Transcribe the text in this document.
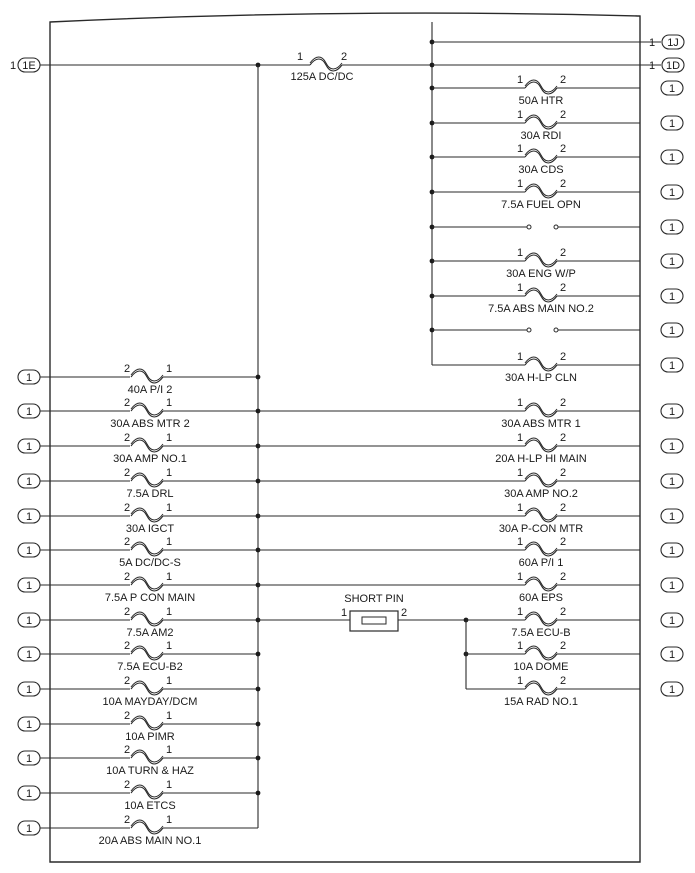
1 1E
1	2
125A DC/DC
1
2	1
40A P/I 2
1
2	1
30A ABS MTR 2
1
2	1
30A AMP NO.1
1
2	1
7.5A DRL
1
2	1
30A IGCT
1
2	1
5A DC/DC-S
1
2	1
7.5A P CON MAIN
1
2	1
7.5A AM2
1
2	1
7.5A ECU-B2
1
2	1
10A MAYDAY/DCM
1
2	1
10A PIMR
1
2	1
10A TURN & HAZ
1
2	1
10A ETCS
1
2	1
20A ABS MAIN NO.1
1
1	2
30A ABS MTR 1
1
1	2
20A H-LP HI MAIN
1
1	2
30A AMP NO.2
1
1	2
30A P-CON MTR
1
1	2
60A P/I 1
1
1	2
60A EPS
SHORT PIN
1	2
1
1	2
7.5A ECU-B
1
1	2
10A DOME
1
1	2
15A RAD NO.1
1 1J
1 1D
1	2
50A HTR
1
1	2
30A RDI
1
1	2
30A CDS
1
1	2
7.5A FUEL OPN
1
1
1	2
30A ENG W/P
1
1	2
7.5A ABS MAIN NO.2
1
1
1	2
30A H-LP CLN
1
